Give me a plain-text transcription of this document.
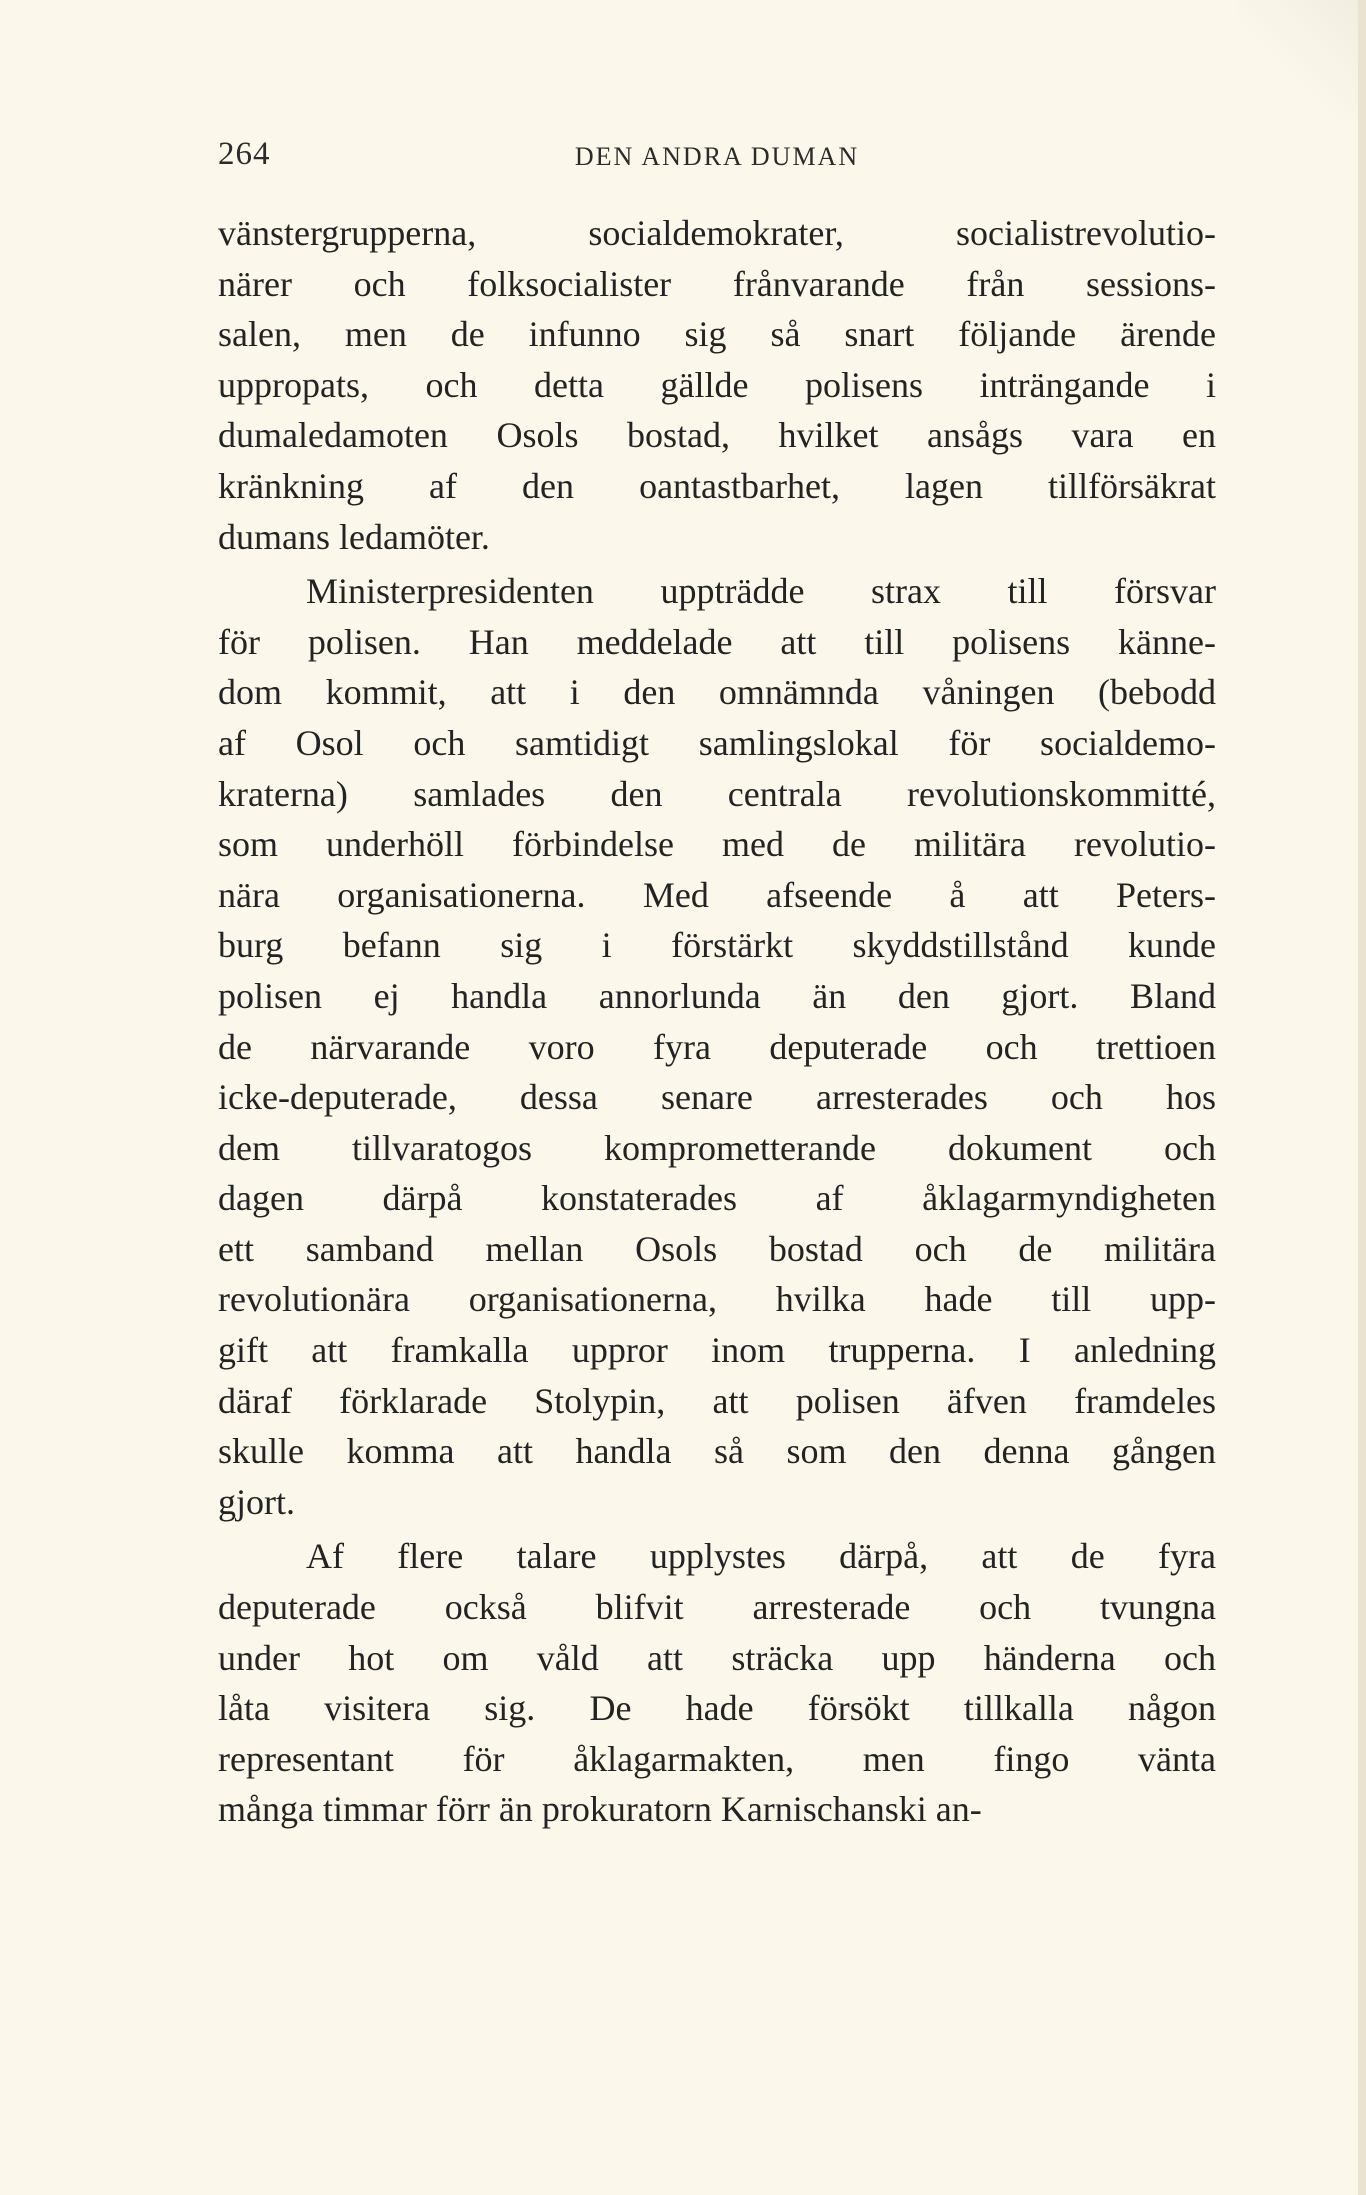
264	DEN ANDRA DUMAN
vänstergrupperna, socialdemokrater, socialistrevolutio-
närer och folksocialister frånvarande från sessions-
salen, men de infunno sig så snart följande ärende
uppropats, och detta gällde polisens inträngande i
dumaledamoten Osols bostad, hvilket ansågs vara en
kränkning af den oantastbarhet, lagen tillförsäkrat
dumans ledamöter.
Ministerpresidenten uppträdde strax till försvar
för polisen. Han meddelade att till polisens känne-
dom kommit, att i den omnämnda våningen (bebodd
af Osol och samtidigt samlingslokal för socialdemo-
kraterna) samlades den centrala revolutionskommitté,
som underhöll förbindelse med de militära revolutio-
nära organisationerna. Med afseende å att Peters-
burg befann sig i förstärkt skyddstillstånd kunde
polisen ej handla annorlunda än den gjort. Bland
de närvarande voro fyra deputerade och trettioen
icke-deputerade, dessa senare arresterades och hos
dem tillvaratogos komprometterande dokument och
dagen därpå konstaterades af åklagarmyndigheten
ett samband mellan Osols bostad och de militära
revolutionära organisationerna, hvilka hade till upp-
gift att framkalla uppror inom trupperna. I anledning
däraf förklarade Stolypin, att polisen äfven framdeles
skulle komma att handla så som den denna gången
gjort.
Af flere talare upplystes därpå, att de fyra
deputerade också blifvit arresterade och tvungna
under hot om våld att sträcka upp händerna och
låta visitera sig. De hade försökt tillkalla någon
representant för åklagarmakten, men fingo vänta
många timmar förr än prokuratorn Karnischanski an-
